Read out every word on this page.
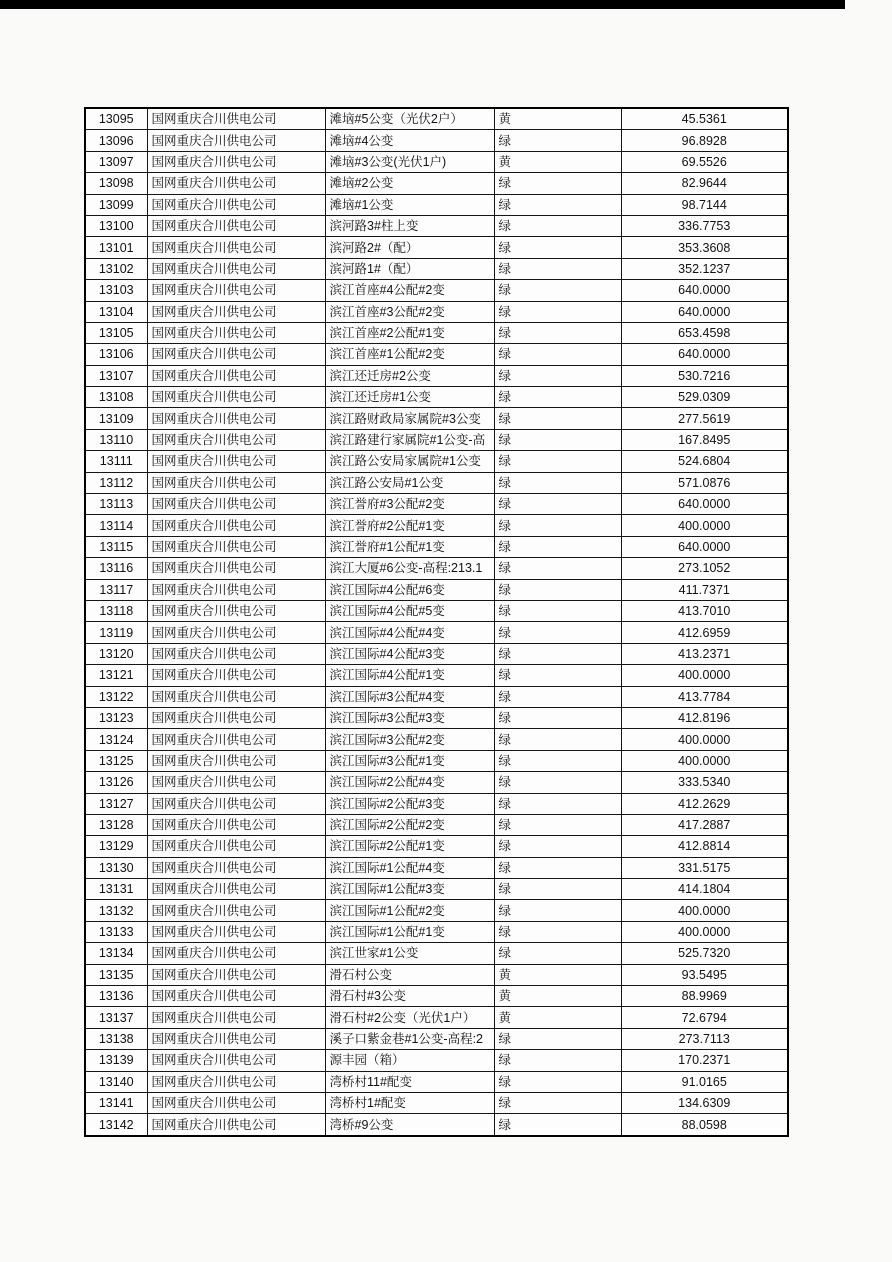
13095	国网重庆合川供电公司	滩垴#5公变（光伏2户）	黄	45.5361
13096	国网重庆合川供电公司	滩垴#4公变	绿	96.8928
13097	国网重庆合川供电公司	滩垴#3公变(光伏1户)	黄	69.5526
13098	国网重庆合川供电公司	滩垴#2公变	绿	82.9644
13099	国网重庆合川供电公司	滩垴#1公变	绿	98.7144
13100	国网重庆合川供电公司	滨河路3#柱上变	绿	336.7753
13101	国网重庆合川供电公司	滨河路2#（配）	绿	353.3608
13102	国网重庆合川供电公司	滨河路1#（配）	绿	352.1237
13103	国网重庆合川供电公司	滨江首座#4公配#2变	绿	640.0000
13104	国网重庆合川供电公司	滨江首座#3公配#2变	绿	640.0000
13105	国网重庆合川供电公司	滨江首座#2公配#1变	绿	653.4598
13106	国网重庆合川供电公司	滨江首座#1公配#2变	绿	640.0000
13107	国网重庆合川供电公司	滨江还迁房#2公变	绿	530.7216
13108	国网重庆合川供电公司	滨江还迁房#1公变	绿	529.0309
13109	国网重庆合川供电公司	滨江路财政局家属院#3公变	绿	277.5619
13110	国网重庆合川供电公司	滨江路建行家属院#1公变-高	绿	167.8495
13111	国网重庆合川供电公司	滨江路公安局家属院#1公变	绿	524.6804
13112	国网重庆合川供电公司	滨江路公安局#1公变	绿	571.0876
13113	国网重庆合川供电公司	滨江誉府#3公配#2变	绿	640.0000
13114	国网重庆合川供电公司	滨江誉府#2公配#1变	绿	400.0000
13115	国网重庆合川供电公司	滨江誉府#1公配#1变	绿	640.0000
13116	国网重庆合川供电公司	滨江大厦#6公变-高程:213.1	绿	273.1052
13117	国网重庆合川供电公司	滨江国际#4公配#6变	绿	411.7371
13118	国网重庆合川供电公司	滨江国际#4公配#5变	绿	413.7010
13119	国网重庆合川供电公司	滨江国际#4公配#4变	绿	412.6959
13120	国网重庆合川供电公司	滨江国际#4公配#3变	绿	413.2371
13121	国网重庆合川供电公司	滨江国际#4公配#1变	绿	400.0000
13122	国网重庆合川供电公司	滨江国际#3公配#4变	绿	413.7784
13123	国网重庆合川供电公司	滨江国际#3公配#3变	绿	412.8196
13124	国网重庆合川供电公司	滨江国际#3公配#2变	绿	400.0000
13125	国网重庆合川供电公司	滨江国际#3公配#1变	绿	400.0000
13126	国网重庆合川供电公司	滨江国际#2公配#4变	绿	333.5340
13127	国网重庆合川供电公司	滨江国际#2公配#3变	绿	412.2629
13128	国网重庆合川供电公司	滨江国际#2公配#2变	绿	417.2887
13129	国网重庆合川供电公司	滨江国际#2公配#1变	绿	412.8814
13130	国网重庆合川供电公司	滨江国际#1公配#4变	绿	331.5175
13131	国网重庆合川供电公司	滨江国际#1公配#3变	绿	414.1804
13132	国网重庆合川供电公司	滨江国际#1公配#2变	绿	400.0000
13133	国网重庆合川供电公司	滨江国际#1公配#1变	绿	400.0000
13134	国网重庆合川供电公司	滨江世家#1公变	绿	525.7320
13135	国网重庆合川供电公司	滑石村公变	黄	93.5495
13136	国网重庆合川供电公司	滑石村#3公变	黄	88.9969
13137	国网重庆合川供电公司	滑石村#2公变（光伏1户）	黄	72.6794
13138	国网重庆合川供电公司	溪子口紫金巷#1公变-高程:2	绿	273.7113
13139	国网重庆合川供电公司	源丰园（箱）	绿	170.2371
13140	国网重庆合川供电公司	湾桥村11#配变	绿	91.0165
13141	国网重庆合川供电公司	湾桥村1#配变	绿	134.6309
13142	国网重庆合川供电公司	湾桥#9公变	绿	88.0598
